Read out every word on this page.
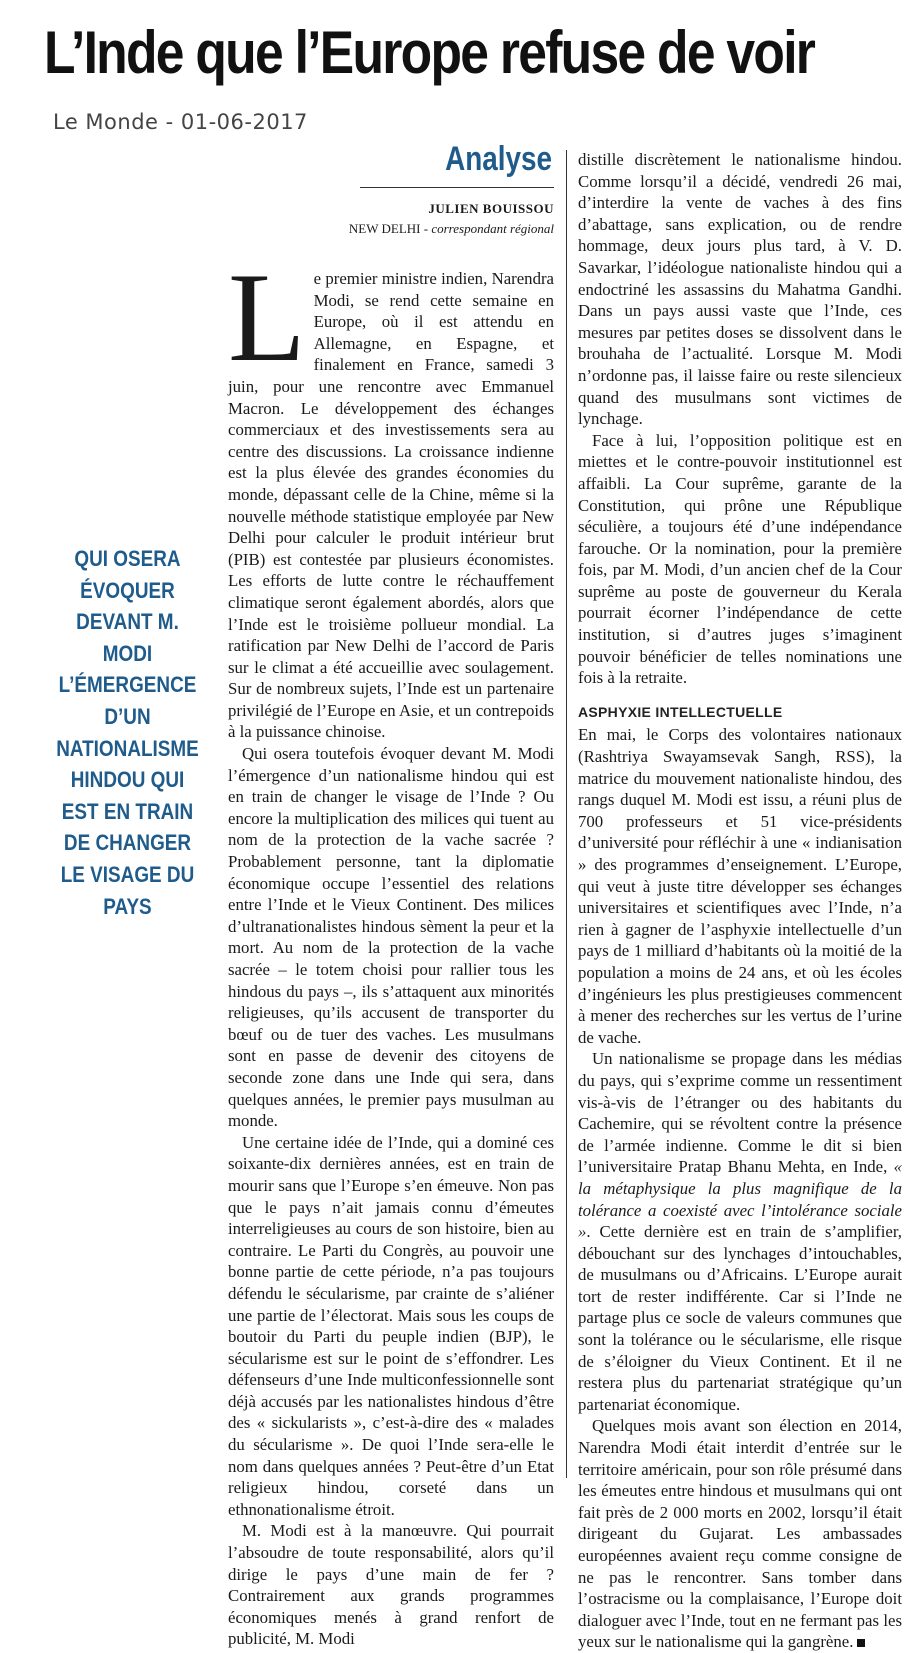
L’Inde que l’Europe refuse de voir
Le Monde - 01-06-2017
Analyse
JULIEN BOUISSOU
NEW DELHI - correspondant régional
QUI OSERA ÉVOQUER DEVANT M. MODI L’ÉMERGENCE D’UN NATIONALISME HINDOU QUI EST EN TRAIN DE CHANGER LE VISAGE DU PAYS
L e premier ministre indien, Narendra Modi, se rend cette semaine en Europe, où il est attendu en Allemagne, en Espagne, et finalement en France, samedi 3 juin, pour une rencontre avec Emmanuel Macron. Le développement des échanges commerciaux et des investissements sera au centre des discussions. La croissance indienne est la plus élevée des grandes économies du monde, dépassant celle de la Chine, même si la nouvelle méthode statistique employée par New Delhi pour calculer le produit intérieur brut (PIB) est contestée par plusieurs économistes. Les efforts de lutte contre le réchauffement climatique seront également abordés, alors que l’Inde est le troisième pollueur mondial. La ratification par New Delhi de l’accord de Paris sur le climat a été accueillie avec soulagement. Sur de nombreux sujets, l’Inde est un partenaire privilégié de l’Europe en Asie, et un contrepoids à la puissance chinoise.

Qui osera toutefois évoquer devant M. Modi l’émergence d’un nationalisme hindou qui est en train de changer le visage de l’Inde ? Ou encore la multiplication des milices qui tuent au nom de la protection de la vache sacrée ? Probablement personne, tant la diplomatie économique occupe l’essentiel des relations entre l’Inde et le Vieux Continent. Des milices d’ultranationalistes hindous sèment la peur et la mort. Au nom de la protection de la vache sacrée – le totem choisi pour rallier tous les hindous du pays –, ils s’attaquent aux minorités religieuses, qu’ils accusent de transporter du bœuf ou de tuer des vaches. Les musulmans sont en passe de devenir des citoyens de seconde zone dans une Inde qui sera, dans quelques années, le premier pays musulman au monde.

Une certaine idée de l’Inde, qui a dominé ces soixante-dix dernières années, est en train de mourir sans que l’Europe s’en émeuve. Non pas que le pays n’ait jamais connu d’émeutes interreligieuses au cours de son histoire, bien au contraire. Le Parti du Congrès, au pouvoir une bonne partie de cette période, n’a pas toujours défendu le sécularisme, par crainte de s’aliéner une partie de l’électorat. Mais sous les coups de boutoir du Parti du peuple indien (BJP), le sécularisme est sur le point de s’effondrer. Les défenseurs d’une Inde multiconfessionnelle sont déjà accusés par les nationalistes hindous d’être des « sickularists », c’est-à-dire des « malades du sécularisme ». De quoi l’Inde sera-elle le nom dans quelques années ? Peut-être d’un Etat religieux hindou, corseté dans un ethnonationalisme étroit.

M. Modi est à la manœuvre. Qui pourrait l’absoudre de toute responsabilité, alors qu’il dirige le pays d’une main de fer ? Contrairement aux grands programmes économiques menés à grand renfort de publicité, M. Modi

distille discrètement le nationalisme hindou. Comme lorsqu’il a décidé, vendredi 26 mai, d’interdire la vente de vaches à des fins d’abattage, sans explication, ou de rendre hommage, deux jours plus tard, à V. D. Savarkar, l’idéologue nationaliste hindou qui a endoctriné les assassins du Mahatma Gandhi. Dans un pays aussi vaste que l’Inde, ces mesures par petites doses se dissolvent dans le brouhaha de l’actualité. Lorsque M. Modi n’ordonne pas, il laisse faire ou reste silencieux quand des musulmans sont victimes de lynchage.

Face à lui, l’opposition politique est en miettes et le contre-pouvoir institutionnel est affaibli. La Cour suprême, garante de la Constitution, qui prône une République séculière, a toujours été d’une indépendance farouche. Or la nomination, pour la première fois, par M. Modi, d’un ancien chef de la Cour suprême au poste de gouverneur du Kerala pourrait écorner l’indépendance de cette institution, si d’autres juges s’imaginent pouvoir bénéficier de telles nominations une fois à la retraite.

ASPHYXIE INTELLECTUELLE

En mai, le Corps des volontaires nationaux (Rashtriya Swayamsevak Sangh, RSS), la matrice du mouvement nationaliste hindou, des rangs duquel M. Modi est issu, a réuni plus de 700 professeurs et 51 vice-présidents d’université pour réfléchir à une « indianisation » des programmes d’enseignement. L’Europe, qui veut à juste titre développer ses échanges universitaires et scientifiques avec l’Inde, n’a rien à gagner de l’asphyxie intellectuelle d’un pays de 1 milliard d’habitants où la moitié de la population a moins de 24 ans, et où les écoles d’ingénieurs les plus prestigieuses commencent à mener des recherches sur les vertus de l’urine de vache.

Un nationalisme se propage dans les médias du pays, qui s’exprime comme un ressentiment vis-à-vis de l’étranger ou des habitants du Cachemire, qui se révoltent contre la présence de l’armée indienne. Comme le dit si bien l’universitaire Pratap Bhanu Mehta, en Inde, « la métaphysique la plus magnifique de la tolérance a coexisté avec l’intolérance sociale ». Cette dernière est en train de s’amplifier, débouchant sur des lynchages d’intouchables, de musulmans ou d’Africains. L’Europe aurait tort de rester indifférente. Car si l’Inde ne partage plus ce socle de valeurs communes que sont la tolérance ou le sécularisme, elle risque de s’éloigner du Vieux Continent. Et il ne restera plus du partenariat stratégique qu’un partenariat économique.

Quelques mois avant son élection en 2014, Narendra Modi était interdit d’entrée sur le territoire américain, pour son rôle présumé dans les émeutes entre hindous et musulmans qui ont fait près de 2 000 morts en 2002, lorsqu’il était dirigeant du Gujarat. Les ambassades européennes avaient reçu comme consigne de ne pas le rencontrer. Sans tomber dans l’ostracisme ou la complaisance, l’Europe doit dialoguer avec l’Inde, tout en ne fermant pas les yeux sur le nationalisme qui la gangrène.
